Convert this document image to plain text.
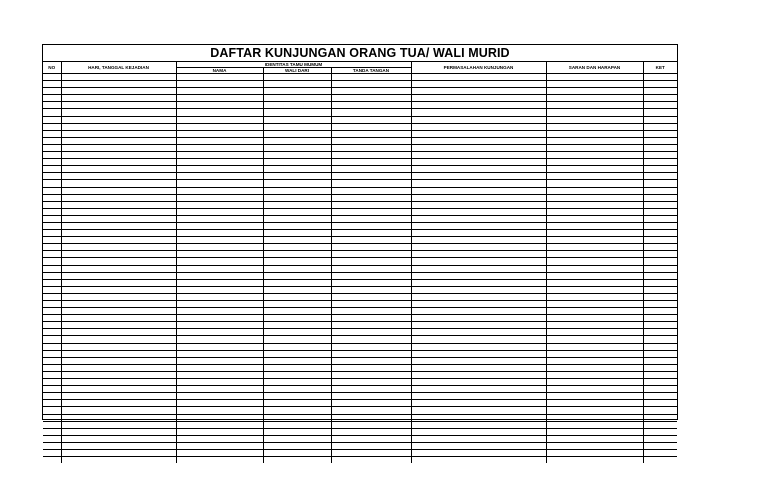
DAFTAR KUNJUNGAN ORANG TUA/ WALI MURID
NO	HARI, TANGGAL KEJADIAN	IDENTITAS TAMU MUMUM			PERMASALAHAN KUNJUNGAN	SARAN DAN HARAPAN	KET
		NAMA	WALI DARI	TANDA TANGAN			
